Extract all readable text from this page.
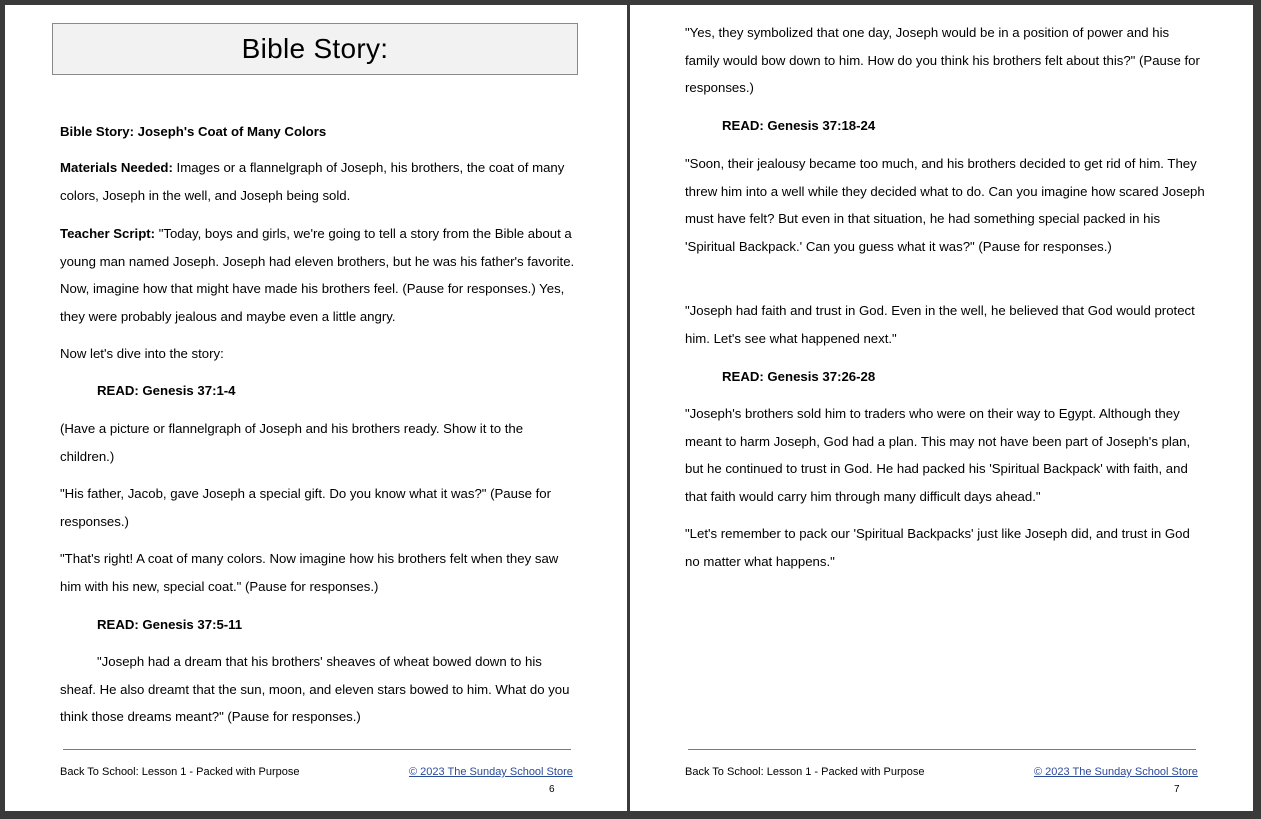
Bible Story:

Bible Story: Joseph's Coat of Many Colors

Materials Needed: Images or a flannelgraph of Joseph, his brothers, the coat of many colors, Joseph in the well, and Joseph being sold.

Teacher Script: "Today, boys and girls, we're going to tell a story from the Bible about a young man named Joseph. Joseph had eleven brothers, but he was his father's favorite. Now, imagine how that might have made his brothers feel. (Pause for responses.) Yes, they were probably jealous and maybe even a little angry.

Now let's dive into the story:

READ: Genesis 37:1-4

(Have a picture or flannelgraph of Joseph and his brothers ready. Show it to the children.)

"His father, Jacob, gave Joseph a special gift. Do you know what it was?" (Pause for responses.)

"That's right! A coat of many colors. Now imagine how his brothers felt when they saw him with his new, special coat." (Pause for responses.)

READ: Genesis 37:5-11

"Joseph had a dream that his brothers' sheaves of wheat bowed down to his sheaf. He also dreamt that the sun, moon, and eleven stars bowed to him. What do you think those dreams meant?" (Pause for responses.)

Back To School: Lesson 1 - Packed with Purpose	© 2023 The Sunday School Store
6

"Yes, they symbolized that one day, Joseph would be in a position of power and his family would bow down to him. How do you think his brothers felt about this?" (Pause for responses.)

READ: Genesis 37:18-24

"Soon, their jealousy became too much, and his brothers decided to get rid of him. They threw him into a well while they decided what to do. Can you imagine how scared Joseph must have felt? But even in that situation, he had something special packed in his 'Spiritual Backpack.' Can you guess what it was?" (Pause for responses.)

"Joseph had faith and trust in God. Even in the well, he believed that God would protect him. Let's see what happened next."

READ: Genesis 37:26-28

"Joseph's brothers sold him to traders who were on their way to Egypt. Although they meant to harm Joseph, God had a plan. This may not have been part of Joseph's plan, but he continued to trust in God. He had packed his 'Spiritual Backpack' with faith, and that faith would carry him through many difficult days ahead."

"Let's remember to pack our 'Spiritual Backpacks' just like Joseph did, and trust in God no matter what happens."

Back To School: Lesson 1 - Packed with Purpose	© 2023 The Sunday School Store
7
